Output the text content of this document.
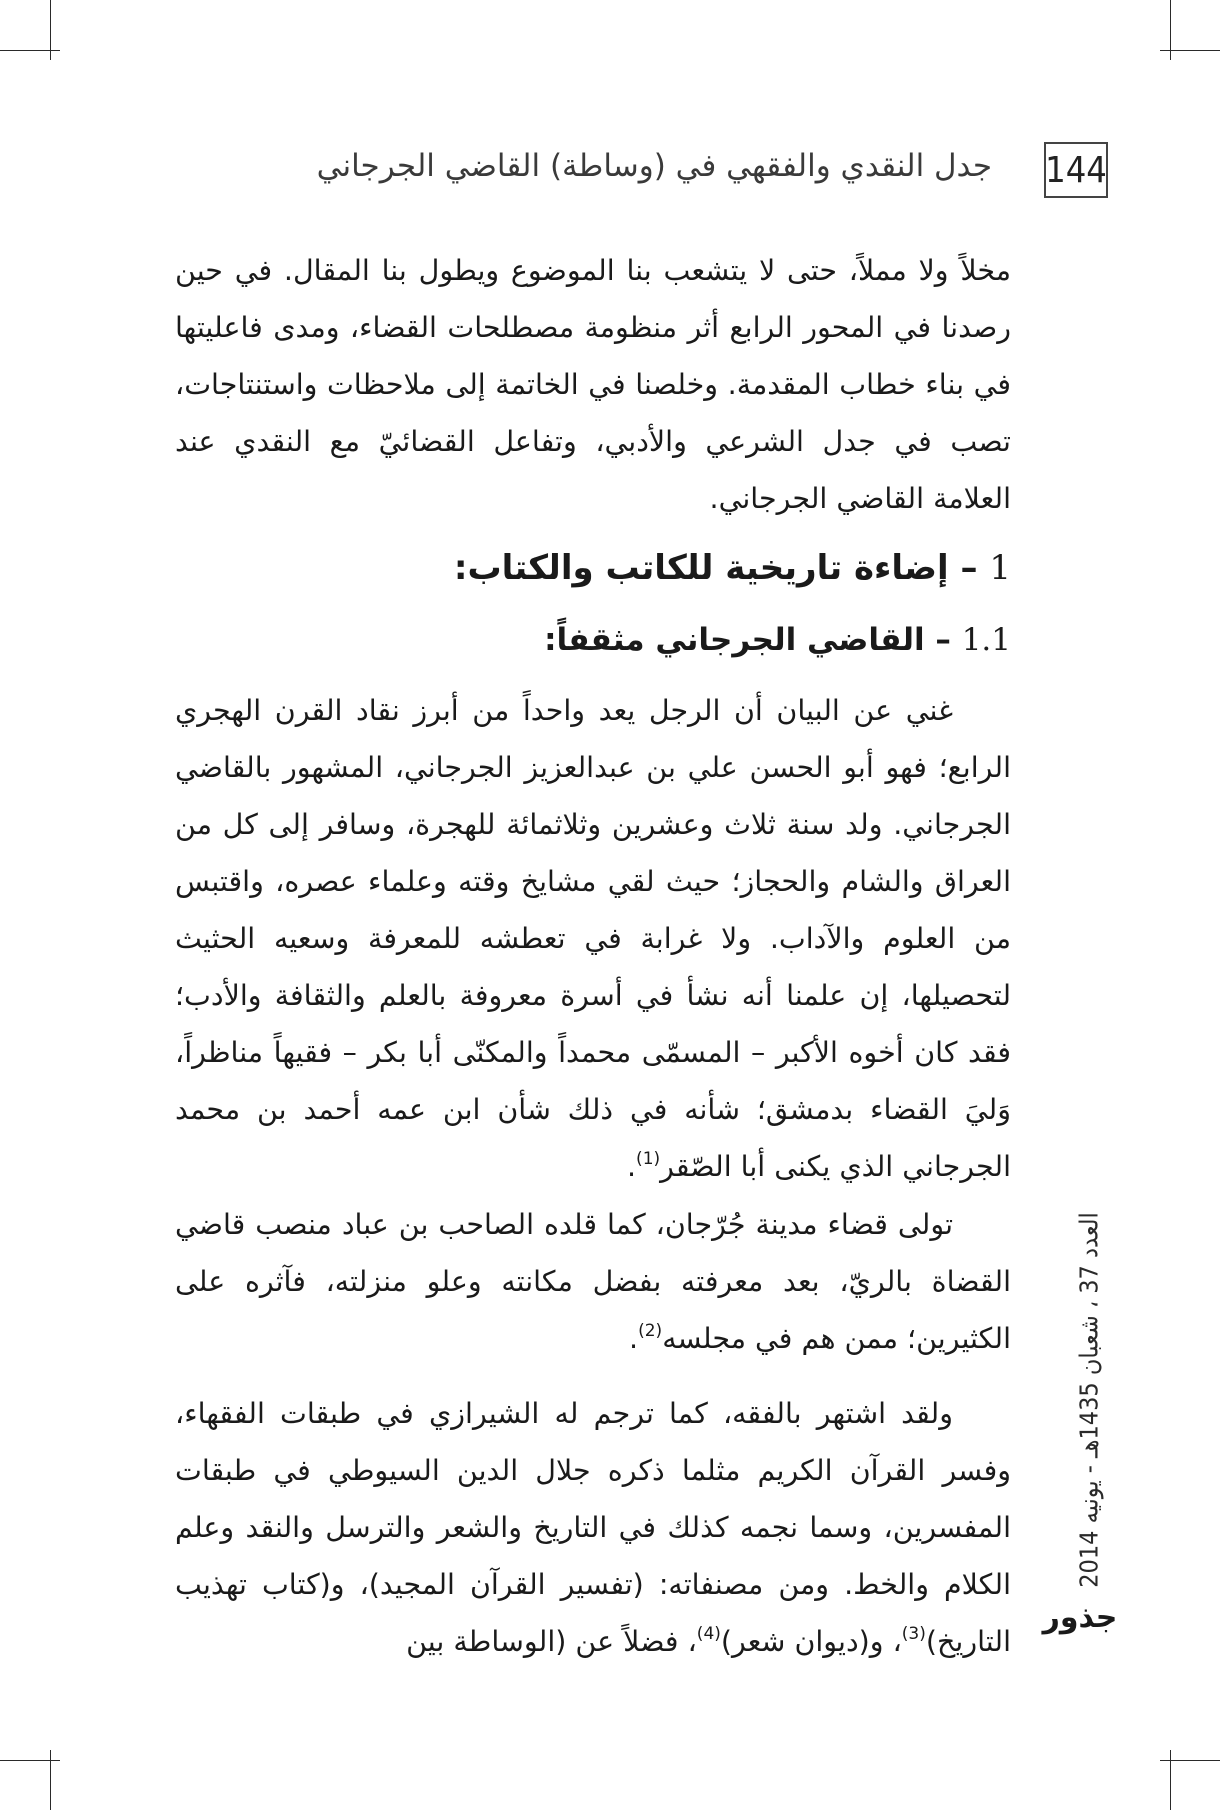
144
جدل النقدي والفقهي في (وساطة) القاضي الجرجاني

مخلاً ولا مملاً، حتى لا يتشعب بنا الموضوع ويطول بنا المقال. في حين رصدنا في المحور الرابع أثر منظومة مصطلحات القضاء، ومدى فاعليتها في بناء خطاب المقدمة. وخلصنا في الخاتمة إلى ملاحظات واستنتاجات، تصب في جدل الشرعي والأدبي، وتفاعل القضائيّ مع النقدي عند العلامة القاضي الجرجاني.

1 – إضاءة تاريخية للكاتب والكتاب:
1.1 – القاضي الجرجاني مثقفاً:

غني عن البيان أن الرجل يعد واحداً من أبرز نقاد القرن الهجري الرابع؛ فهو أبو الحسن علي بن عبدالعزيز الجرجاني، المشهور بالقاضي الجرجاني. ولد سنة ثلاث وعشرين وثلاثمائة للهجرة، وسافر إلى كل من العراق والشام والحجاز؛ حيث لقي مشايخ وقته وعلماء عصره، واقتبس من العلوم والآداب. ولا غرابة في تعطشه للمعرفة وسعيه الحثيث لتحصيلها، إن علمنا أنه نشأ في أسرة معروفة بالعلم والثقافة والأدب؛ فقد كان أخوه الأكبر – المسمّى محمداً والمكنّى أبا بكر – فقيهاً مناظراً، وَليَ القضاء بدمشق؛ شأنه في ذلك شأن ابن عمه أحمد بن محمد الجرجاني الذي يكنى أبا الصّقر$^{(1)}$.

تولى قضاء مدينة جُرّجان، كما قلده الصاحب بن عباد منصب قاضي القضاة بالريّ، بعد معرفته بفضل مكانته وعلو منزلته، فآثره على الكثيرين؛ ممن هم في مجلسه$^{(2)}$.

ولقد اشتهر بالفقه، كما ترجم له الشيرازي في طبقات الفقهاء، وفسر القرآن الكريم مثلما ذكره جلال الدين السيوطي في طبقات المفسرين، وسما نجمه كذلك في التاريخ والشعر والترسل والنقد وعلم الكلام والخط. ومن مصنفاته: (تفسير القرآن المجيد)، و(كتاب تهذيب التاريخ)$^{(3)}$، و(ديوان شعر)$^{(4)}$، فضلاً عن (الوساطة بين

العدد 37 ، شعبان 1435هـ - يونيه 2014
جذور
